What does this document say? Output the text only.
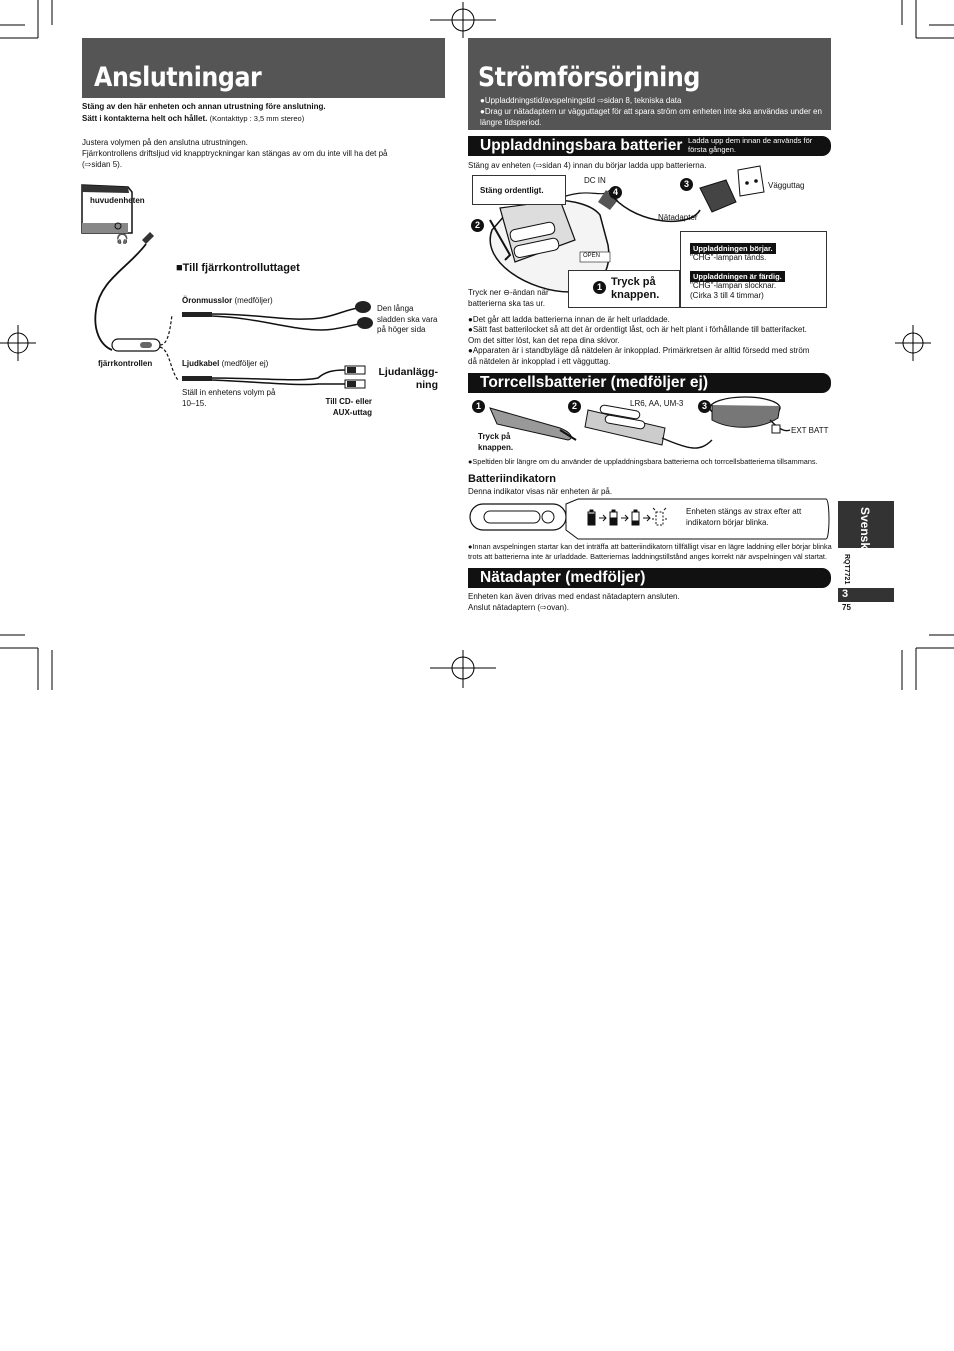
Anslutningar
Stäng av den här enheten och annan utrustning före anslutning.
Sätt i kontakterna helt och hållet. (Kontakttyp : 3,5 mm stereo)
Justera volymen på den anslutna utrustningen.
Fjärrkontrollens driftsljud vid knapptryckningar kan stängas av om du inte vill ha det på
(⇨sidan 5).
huvudenheten
🎧
■Till fjärrkontrolluttaget
Öronmusslor (medföljer)
Den långa sladden ska vara på höger sida
fjärrkontrollen	Ljudkabel (medföljer ej)
Ljudanlägg- ning
Ställ in enhetens volym på 10–15.	Till CD- eller AUX-uttag
Strömförsörjning
●Uppladdningstid/avspelningstid ⇨sidan 8, tekniska data
●Drag ur nätadaptern ur vägguttaget för att spara ström om enheten inte ska användas under en längre tidsperiod.
Uppladdningsbara batterier Ladda upp dem innan de används för första gången.
Stäng av enheten (⇨sidan 4) innan du börjar ladda upp batterierna.
Stäng ordentligt.
DC IN
4
3
2
Vägguttag
Nätadapter
OPEN
Tryck ner ⊖-ändan när batterierna ska tas ur.
1 Tryck på knappen.
Uppladdningen börjar.
"CHG"-lampan tänds.
Uppladdningen är färdig.
"CHG"-lampan slocknar.
(Cirka 3 till 4 timmar)
●Det går att ladda batterierna innan de är helt urladdade.
●Sätt fast batterilocket så att det är ordentligt låst, och är helt plant i förhållande till batterifacket. Om det sitter löst, kan det repa dina skivor.
●Apparaten är i standbyläge då nätdelen är inkopplad. Primärkretsen är alltid försedd med ström då nätdelen är inkopplad i ett vägguttag.
Torrcellsbatterier (medföljer ej)
1	2	3
LR6, AA, UM-3
EXT BATT
Tryck på knappen.
●Speltiden blir längre om du använder de uppladdningsbara batterierna och torrcellsbatterierna tillsammans.
Batteriindikatorn
Denna indikator visas när enheten är på.
Enheten stängs av strax efter att indikatorn börjar blinka.
●Innan avspelningen startar kan det inträffa att batteriindikatorn tillfälligt visar en lägre laddning eller börjar blinka trots att batterierna inte är urladdade. Batteriernas laddningstillstånd anges korrekt när avspelningen väl startat.
Nätadapter (medföljer)
Enheten kan även drivas med endast nätadaptern ansluten.
Anslut nätadaptern (⇨ovan).
Svenska
RQT7721
3
75
